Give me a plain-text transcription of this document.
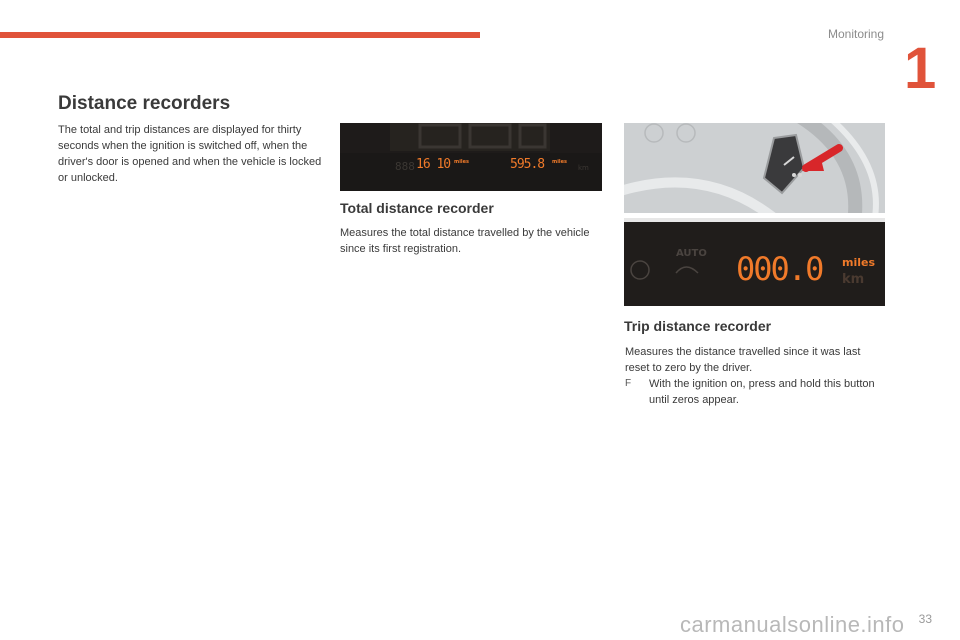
Monitoring
1
Distance recorders

The total and trip distances are displayed for thirty seconds when the ignition is switched off, when the driver's door is opened and when the vehicle is locked or unlocked.

888	km
16 10 miles	595.8 miles
AUTO 000.0 miles
km
Total distance recorder

Measures the total distance travelled by the vehicle since its first registration.

Trip distance recorder

Measures the distance travelled since it was last reset to zero by the driver.

F	With the ignition on, press and hold this button until zeros appear.
carmanualsonline.info 33
